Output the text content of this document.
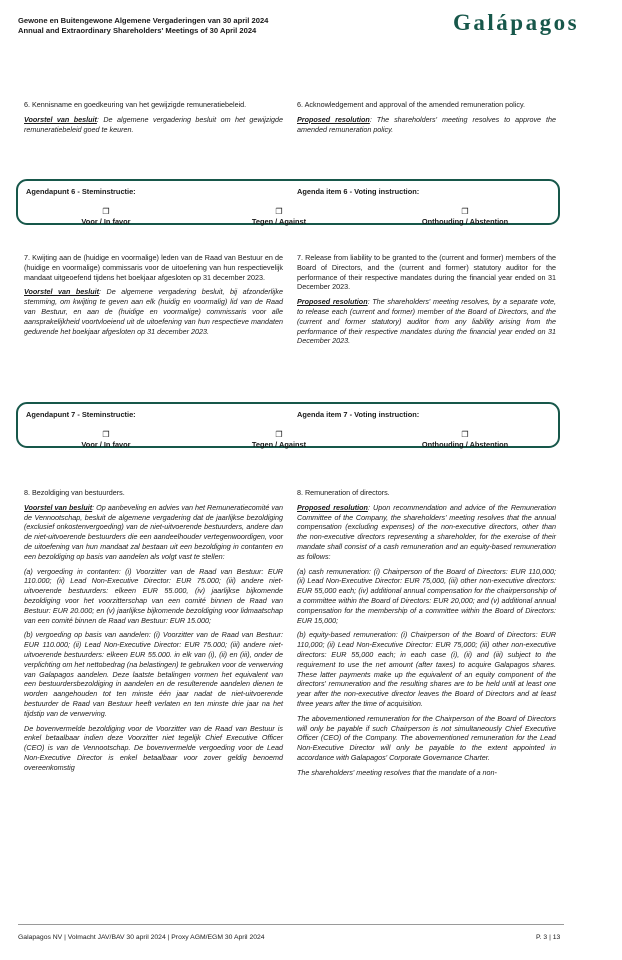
Gewone en Buitengewone Algemene Vergaderingen van 30 april 2024
Annual and Extraordinary Shareholders' Meetings of 30 April 2024	Galápagos

6. Kennisname en goedkeuring van het gewijzigde remuneratiebeleid.

Voorstel van besluit: De algemene vergadering besluit om het gewijzigde remuneratiebeleid goed te keuren.

6. Acknowledgement and approval of the amended remuneration policy.

Proposed resolution: The shareholders' meeting resolves to approve the amended remuneration policy.

Agendapunt 6 - Steminstructie:	Agenda item 6 - Voting instruction:
❐
Voor / In favor
❐
Tegen / Against
❐
Onthouding / Abstention

7. Kwijting aan de (huidige en voormalige) leden van de Raad van Bestuur en de (huidige en voormalige) commissaris voor de uitoefening van hun respectievelijk mandaat uitgeoefend tijdens het boekjaar afgesloten op 31 december 2023.

Voorstel van besluit: De algemene vergadering besluit, bij afzonderlijke stemming, om kwijting te geven aan elk (huidig en voormalig) lid van de Raad van Bestuur, en aan de (huidige en voormalige) commissaris voor alle aansprakelijkheid voortvloeiend uit de uitoefening van hun respectieve mandaten gedurende het boekjaar afgesloten op 31 december 2023.

7. Release from liability to be granted to the (current and former) members of the Board of Directors, and the (current and former) statutory auditor for the performance of their respective mandates during the financial year ended on 31 December 2023.

Proposed resolution: The shareholders' meeting resolves, by a separate vote, to release each (current and former) member of the Board of Directors, and the (current and former statutory) auditor from any liability arising from the performance of their respective mandates during the financial year ended on 31 December 2023.

Agendapunt 7 - Steminstructie:	Agenda item 7 - Voting instruction:
❐
Voor / In favor
❐
Tegen / Against
❐
Onthouding / Abstention

8. Bezoldiging van bestuurders.

Voorstel van besluit: Op aanbeveling en advies van het Remuneratiecomité van de Vennootschap, besluit de algemene vergadering dat de jaarlijkse bezoldiging (exclusief onkostenvergoeding) van de niet-uitvoerende bestuurders, andere dan de niet-uitvoerende bestuurders die een aandeelhouder vertegenwoordigen, voor de uitoefening van hun mandaat zal bestaan uit een bezoldiging in contanten en een bezoldiging op basis van aandelen als volgt vast te stellen:

(a) vergoeding in contanten: (i) Voorzitter van de Raad van Bestuur: EUR 110.000; (ii) Lead Non-Executive Director: EUR 75.000; (iii) andere niet-uitvoerende bestuurders: elkeen EUR 55.000, (iv) jaarlijkse bijkomende bezoldiging voor het voorzitterschap van een comité binnen de Raad van Bestuur: EUR 20.000; en (v) jaarlijkse bijkomende bezoldiging voor lidmaatschap van een comité binnen de Raad van Bestuur: EUR 15.000;

(b) vergoeding op basis van aandelen: (i) Voorzitter van de Raad van Bestuur: EUR 110.000; (ii) Lead Non-Executive Director: EUR 75.000; (iii) andere niet-uitvoerende bestuurders: elkeen EUR 55.000. in elk van (i), (ii) en (iii), onder de verplichting om het nettobedrag (na belastingen) te gebruiken voor de verwerving van Galapagos aandelen. Deze laatste betalingen vormen het equivalent van een bestuurdersbezoldiging in aandelen en de resulterende aandelen dienen te worden aangehouden tot ten minste één jaar nadat de niet-uitvoerende bestuurder de Raad van Bestuur heeft verlaten en ten minste drie jaar na het tijdstip van de verwerving.

De bovenvermelde bezoldiging voor de Voorzitter van de Raad van Bestuur is enkel betaalbaar indien deze Voorzitter niet tegelijk Chief Executive Officer (CEO) is van de Vennootschap. De bovenvermelde vergoeding voor de Lead Non-Executive Director is enkel betaalbaar voor zover geldig benoemd overeenkomstig

8. Remuneration of directors.

Proposed resolution: Upon recommendation and advice of the Remuneration Committee of the Company, the shareholders' meeting resolves that the annual compensation (excluding expenses) of the non-executive directors, other than the non-executive directors representing a shareholder, for the exercise of their mandate shall consist of a cash remuneration and an equity-based remuneration as follows:

(a) cash remuneration: (i) Chairperson of the Board of Directors: EUR 110,000; (ii) Lead Non-Executive Director: EUR 75,000, (iii) other non-executive directors: EUR 55,000 each; (iv) additional annual compensation for the chairpersonship of a committee within the Board of Directors: EUR 20,000; and (v) additional annual compensation for the membership of a committee within the Board of Directors: EUR 15,000;

(b) equity-based remuneration: (i) Chairperson of the Board of Directors: EUR 110,000; (ii) Lead Non-Executive Director: EUR 75,000; (iii) other non-executive directors: EUR 55,000 each; in each case (i), (ii) and (iii) subject to the requirement to use the net amount (after taxes) to acquire Galapagos shares. These latter payments make up the equivalent of an equity component of the directors' remuneration and the resulting shares are to be held until at least one year after the non-executive director leaves the Board of Directors and at least three years after the time of acquisition.

The abovementioned remuneration for the Chairperson of the Board of Directors will only be payable if such Chairperson is not simultaneously Chief Executive Officer (CEO) of the Company. The abovementioned remuneration for the Lead Non-Executive Director will only be payable to the extent appointed in accordance with Galapagos' Corporate Governance Charter.

The shareholders' meeting resolves that the mandate of a non-

Galapagos NV | Volmacht JAV/BAV 30 april 2024 | Proxy AGM/EGM 30 April 2024	P. 3 | 13
